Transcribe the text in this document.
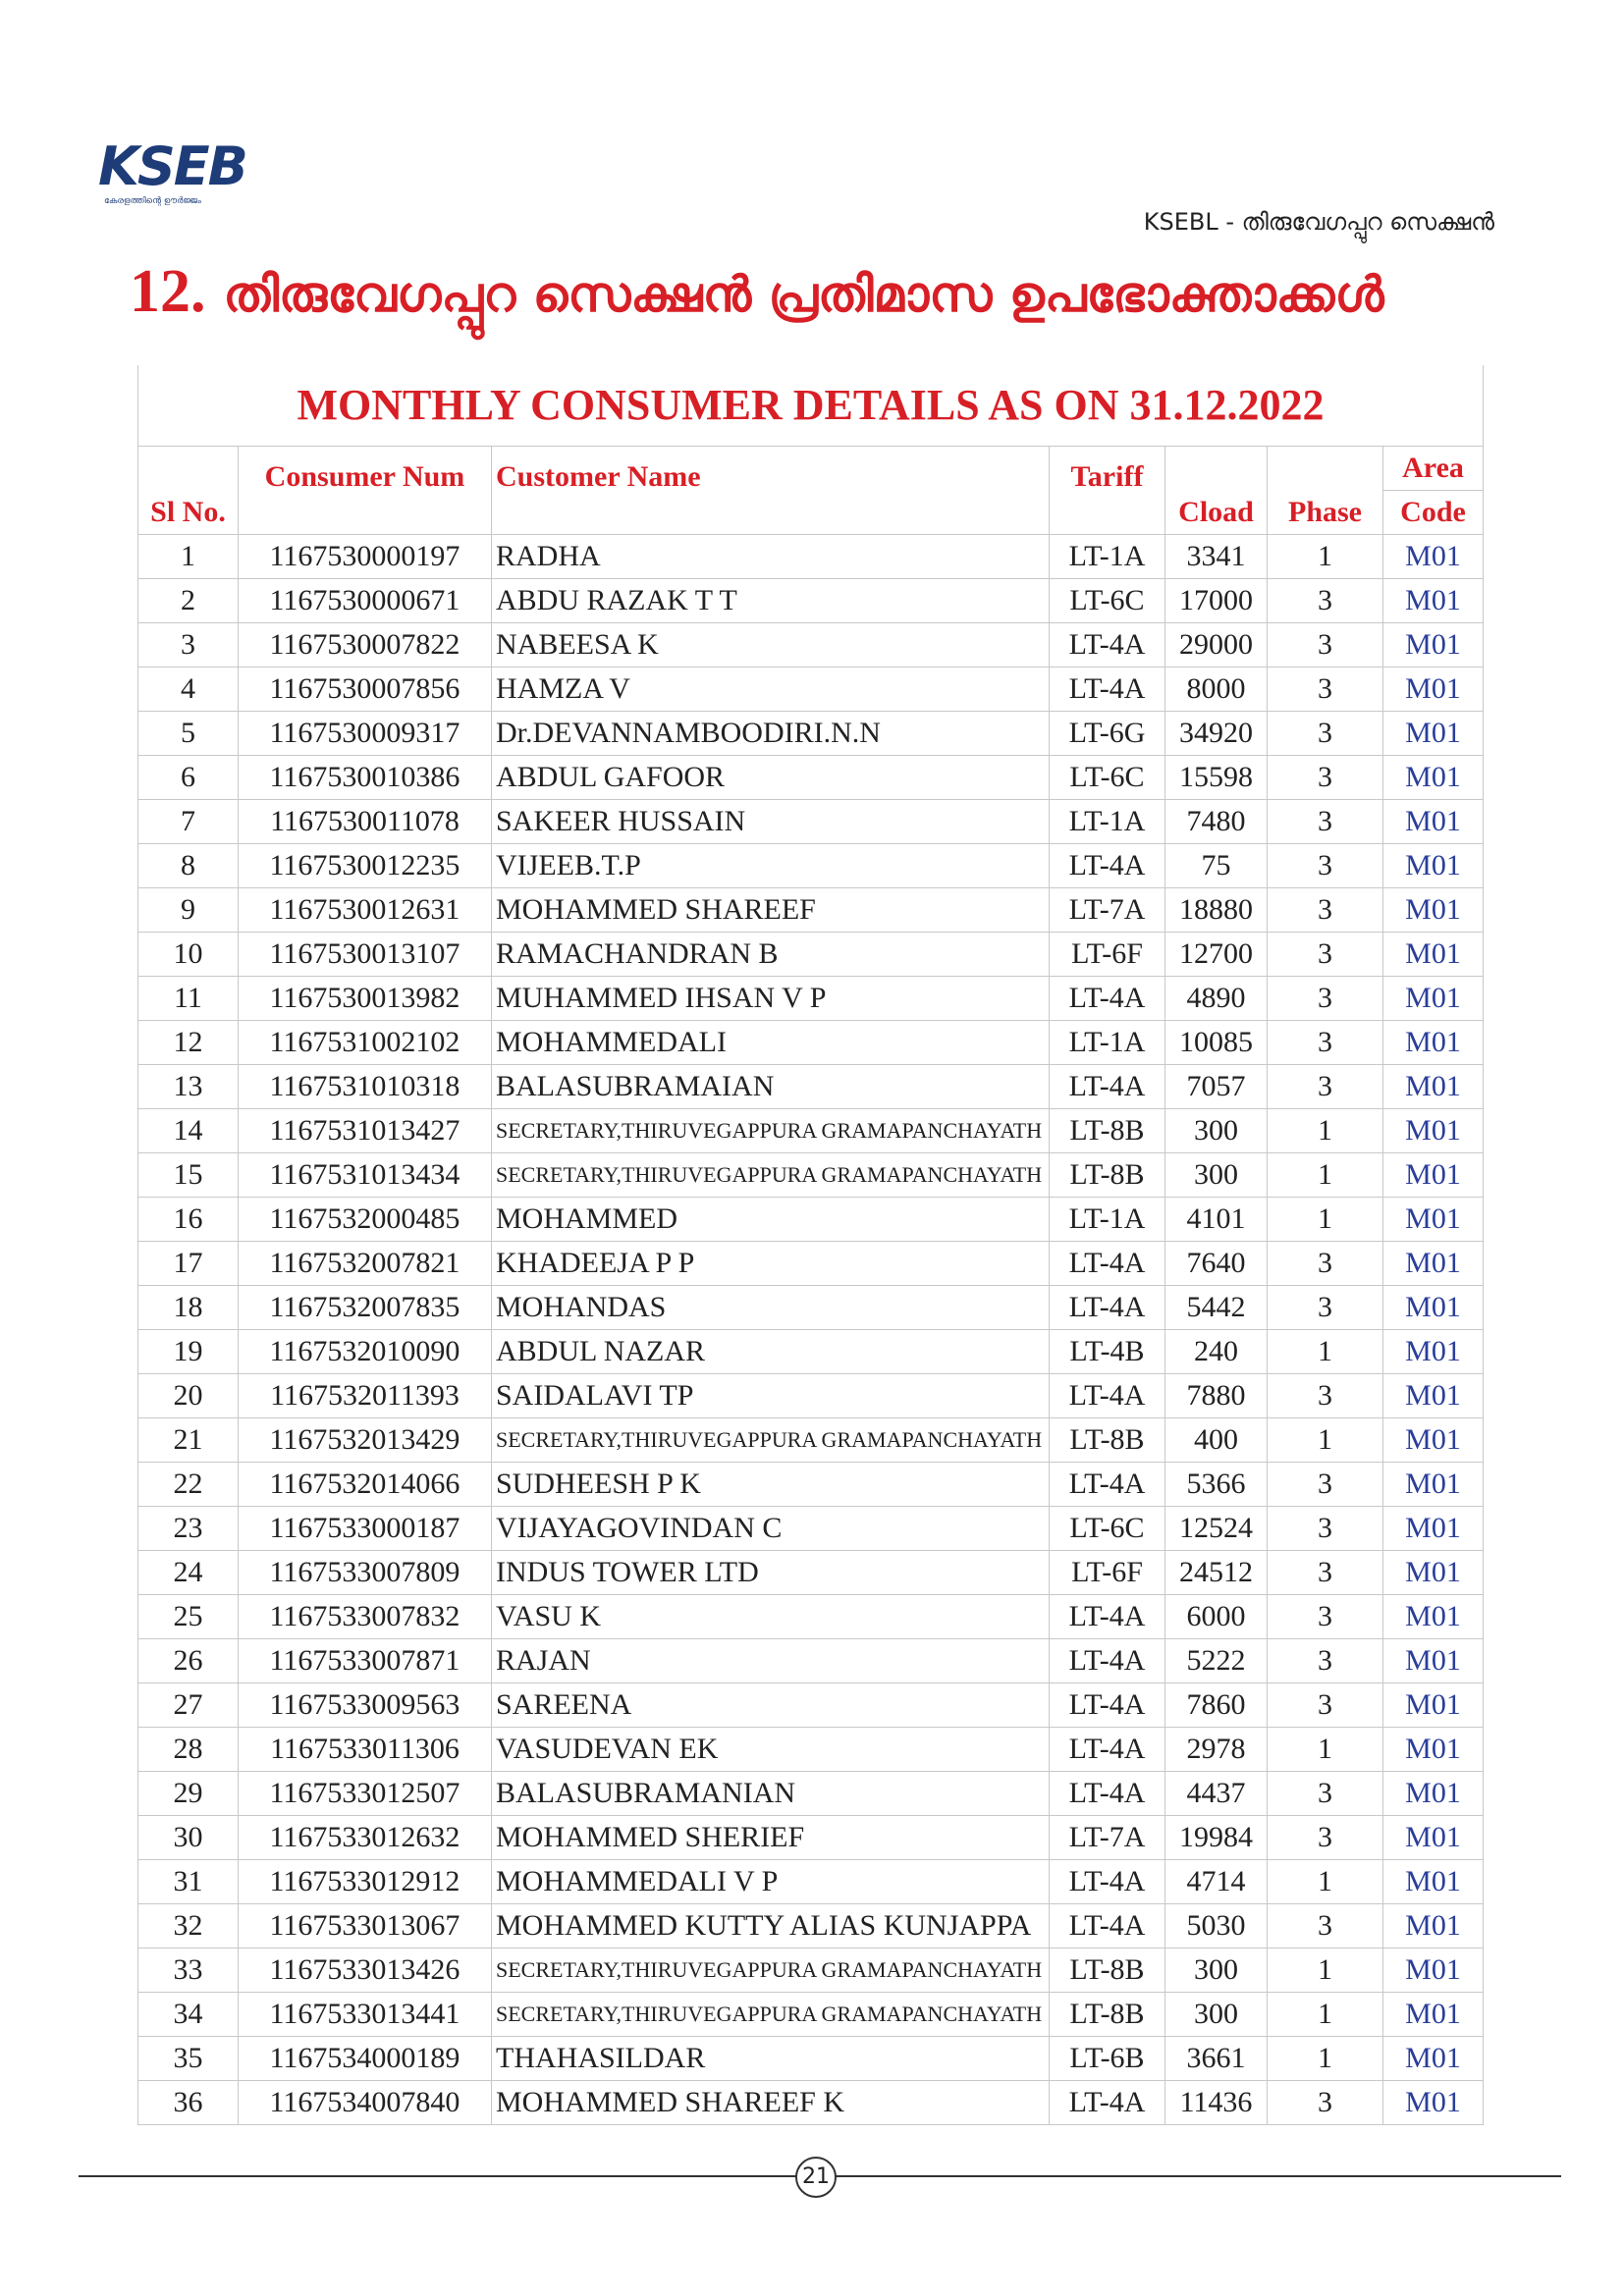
KSEB
കേരളത്തിന്റെ ഊർജ്ജം
KSEBL - തിരുവേഗപ്പുറ സെക്ഷൻ
12. തിരുവേഗപ്പുറ സെക്ഷൻ പ്രതിമാസ ഉപഭോക്താക്കൾ
MONTHLY CONSUMER DETAILS AS ON 31.12.2022						
Sl No.	Consumer Num	Customer Name	Tariff	Cload	Phase	Area
						Code
1	1167530000197	RADHA	LT-1A	3341	1	M01
2	1167530000671	ABDU RAZAK T T	LT-6C	17000	3	M01
3	1167530007822	NABEESA K	LT-4A	29000	3	M01
4	1167530007856	HAMZA V	LT-4A	8000	3	M01
5	1167530009317	Dr.DEVANNAMBOODIRI.N.N	LT-6G	34920	3	M01
6	1167530010386	ABDUL GAFOOR	LT-6C	15598	3	M01
7	1167530011078	SAKEER HUSSAIN	LT-1A	7480	3	M01
8	1167530012235	VIJEEB.T.P	LT-4A	75	3	M01
9	1167530012631	MOHAMMED SHAREEF	LT-7A	18880	3	M01
10	1167530013107	RAMACHANDRAN B	LT-6F	12700	3	M01
11	1167530013982	MUHAMMED IHSAN V P	LT-4A	4890	3	M01
12	1167531002102	MOHAMMEDALI	LT-1A	10085	3	M01
13	1167531010318	BALASUBRAMAIAN	LT-4A	7057	3	M01
14	1167531013427	SECRETARY,THIRUVEGAPPURA GRAMAPANCHAYATH	LT-8B	300	1	M01
15	1167531013434	SECRETARY,THIRUVEGAPPURA GRAMAPANCHAYATH	LT-8B	300	1	M01
16	1167532000485	MOHAMMED	LT-1A	4101	1	M01
17	1167532007821	KHADEEJA P P	LT-4A	7640	3	M01
18	1167532007835	MOHANDAS	LT-4A	5442	3	M01
19	1167532010090	ABDUL NAZAR	LT-4B	240	1	M01
20	1167532011393	SAIDALAVI TP	LT-4A	7880	3	M01
21	1167532013429	SECRETARY,THIRUVEGAPPURA GRAMAPANCHAYATH	LT-8B	400	1	M01
22	1167532014066	SUDHEESH P K	LT-4A	5366	3	M01
23	1167533000187	VIJAYAGOVINDAN C	LT-6C	12524	3	M01
24	1167533007809	INDUS TOWER LTD	LT-6F	24512	3	M01
25	1167533007832	VASU K	LT-4A	6000	3	M01
26	1167533007871	RAJAN	LT-4A	5222	3	M01
27	1167533009563	SAREENA	LT-4A	7860	3	M01
28	1167533011306	VASUDEVAN EK	LT-4A	2978	1	M01
29	1167533012507	BALASUBRAMANIAN	LT-4A	4437	3	M01
30	1167533012632	MOHAMMED SHERIEF	LT-7A	19984	3	M01
31	1167533012912	MOHAMMEDALI V P	LT-4A	4714	1	M01
32	1167533013067	MOHAMMED KUTTY ALIAS KUNJAPPA	LT-4A	5030	3	M01
33	1167533013426	SECRETARY,THIRUVEGAPPURA GRAMAPANCHAYATH	LT-8B	300	1	M01
34	1167533013441	SECRETARY,THIRUVEGAPPURA GRAMAPANCHAYATH	LT-8B	300	1	M01
35	1167534000189	THAHASILDAR	LT-6B	3661	1	M01
36	1167534007840	MOHAMMED SHAREEF K	LT-4A	11436	3	M01
21
